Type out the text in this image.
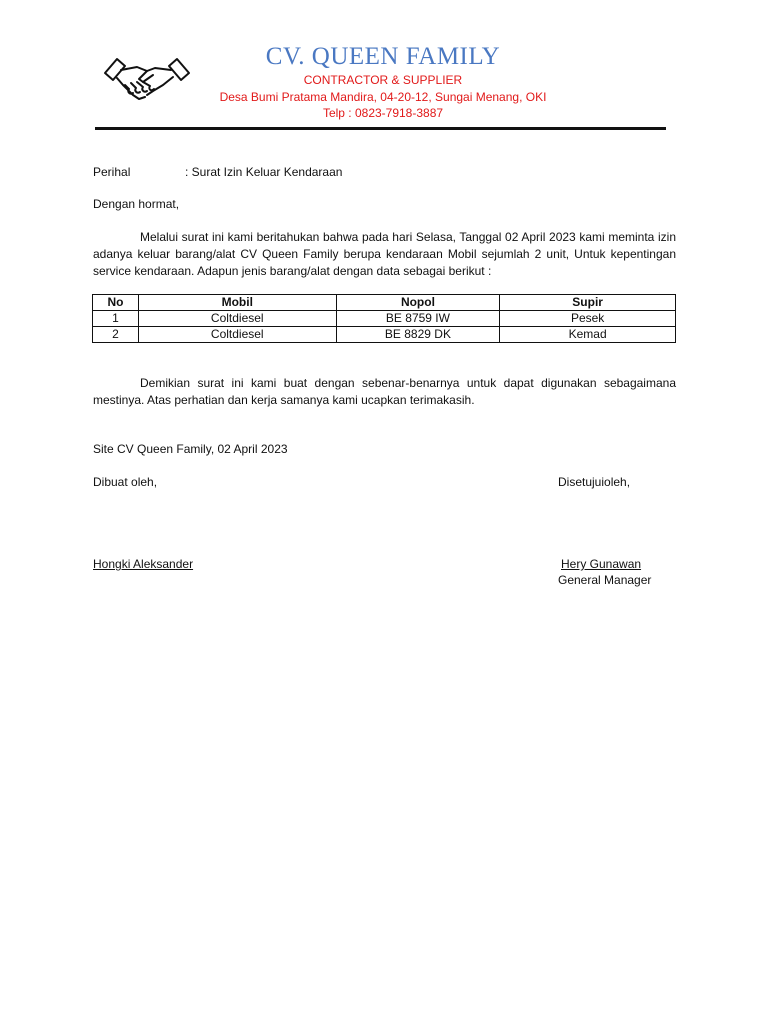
CV. QUEEN FAMILY
CONTRACTOR & SUPPLIER
Desa Bumi Pratama Mandira, 04-20-12, Sungai Menang, OKI
Telp : 0823-7918-3887
Perihal	: Surat Izin Keluar Kendaraan
Dengan hormat,
Melalui surat ini kami beritahukan bahwa pada hari Selasa, Tanggal 02 April 2023 kami meminta izin adanya keluar barang/alat CV Queen Family berupa kendaraan Mobil sejumlah 2 unit, Untuk kepentingan service kendaraan. Adapun jenis barang/alat dengan data sebagai berikut :
No	Mobil	Nopol	Supir
1	Coltdiesel	BE 8759 IW	Pesek
2	Coltdiesel	BE 8829 DK	Kemad
Demikian surat ini kami buat dengan sebenar-benarnya untuk dapat digunakan sebagaimana mestinya. Atas perhatian dan kerja samanya kami ucapkan terimakasih.
Site CV Queen Family, 02 April 2023
Dibuat oleh,	Disetujuioleh,
Hongki Aleksander	Hery Gunawan
General Manager
